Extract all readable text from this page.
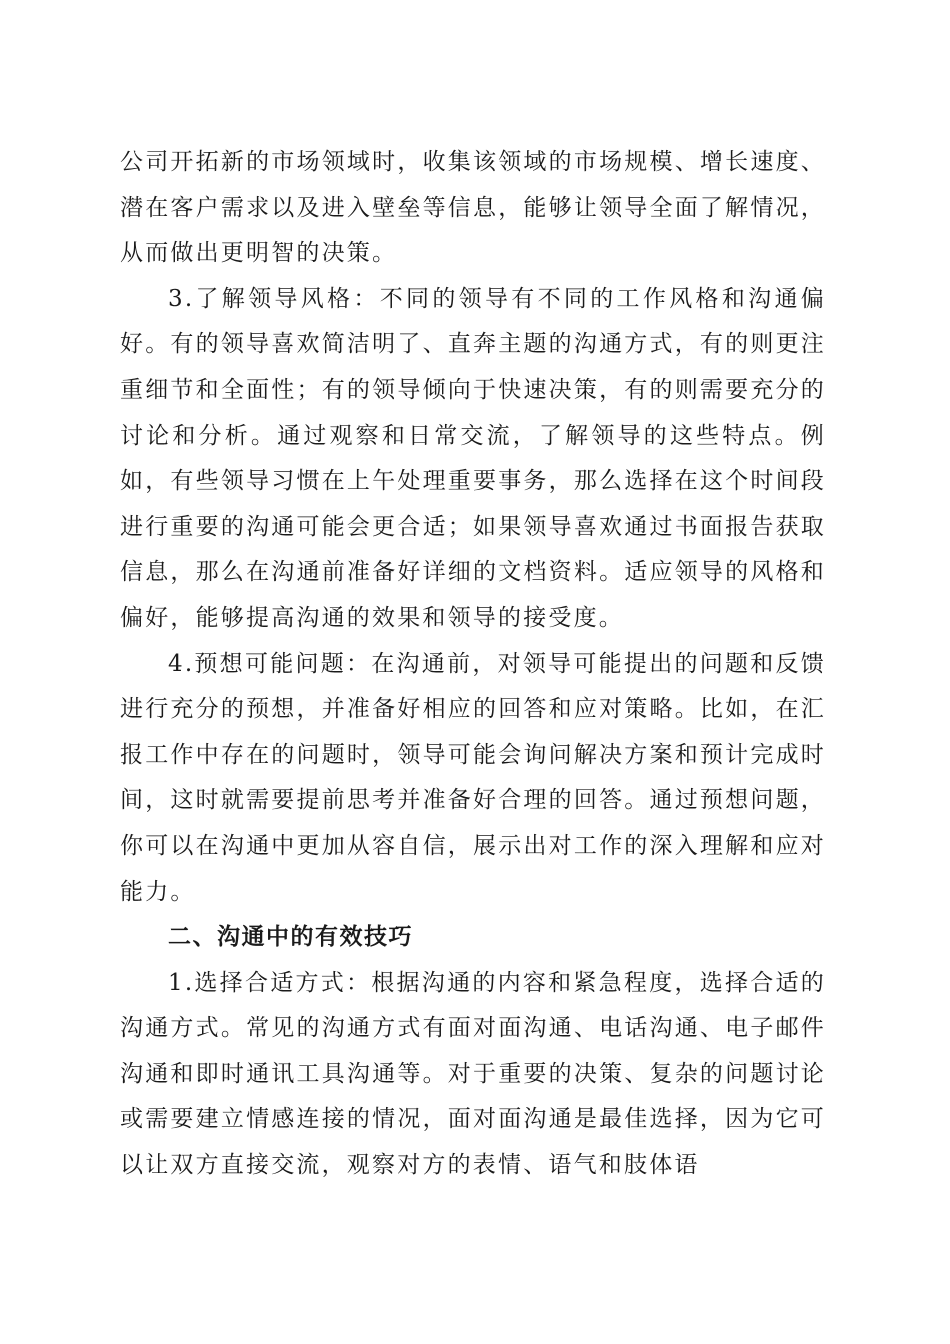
公司开拓新的市场领域时，收集该领域的市场规模、增长速度、潜在客户需求以及进入壁垒等信息，能够让领导全面了解情况，从而做出更明智的决策。

3.了解领导风格：不同的领导有不同的工作风格和沟通偏好。有的领导喜欢简洁明了、直奔主题的沟通方式，有的则更注重细节和全面性；有的领导倾向于快速决策，有的则需要充分的讨论和分析。通过观察和日常交流，了解领导的这些特点。例如，有些领导习惯在上午处理重要事务，那么选择在这个时间段进行重要的沟通可能会更合适；如果领导喜欢通过书面报告获取信息，那么在沟通前准备好详细的文档资料。适应领导的风格和偏好，能够提高沟通的效果和领导的接受度。

4.预想可能问题：在沟通前，对领导可能提出的问题和反馈进行充分的预想，并准备好相应的回答和应对策略。比如，在汇报工作中存在的问题时，领导可能会询问解决方案和预计完成时间，这时就需要提前思考并准备好合理的回答。通过预想问题，你可以在沟通中更加从容自信，展示出对工作的深入理解和应对能力。

二、沟通中的有效技巧

1.选择合适方式：根据沟通的内容和紧急程度，选择合适的沟通方式。常见的沟通方式有面对面沟通、电话沟通、电子邮件沟通和即时通讯工具沟通等。对于重要的决策、复杂的问题讨论或需要建立情感连接的情况，面对面沟通是最佳选择，因为它可以让双方直接交流，观察对方的表情、语气和肢体语
